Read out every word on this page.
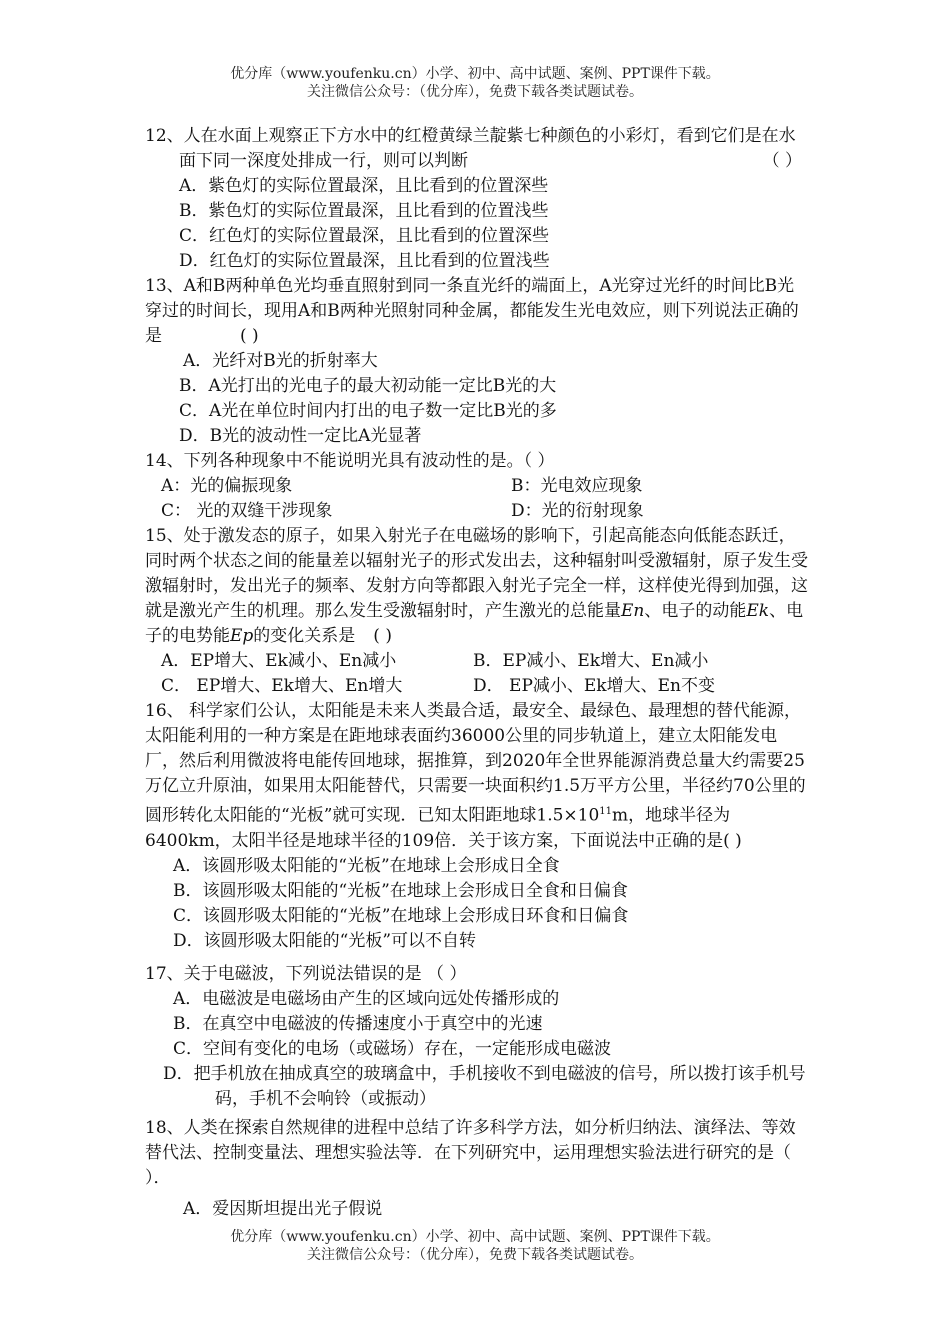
优分库（www.youfenku.cn）小学、初中、高中试题、案例、PPT课件下载。
关注微信公众号：（优分库），免费下载各类试题试卷。

12、人在水面上观察正下方水中的红橙黄绿兰靛紫七种颜色的小彩灯，看到它们是在水面下同一深度处排成一行，则可以判断	（ ）

A．紫色灯的实际位置最深，且比看到的位置深些

B．紫色灯的实际位置最深，且比看到的位置浅些

C．红色灯的实际位置最深，且比看到的位置深些

D．红色灯的实际位置最深，且比看到的位置浅些

13、A和B两种单色光均垂直照射到同一条直光纤的端面上，A光穿过光纤的时间比B光穿过的时间长，现用A和B两种光照射同种金属，都能发生光电效应，则下列说法正确的是	( )

A．光纤对B光的折射率大

B．A光打出的光电子的最大初动能一定比B光的大

C．A光在单位时间内打出的电子数一定比B光的多

D．B光的波动性一定比A光显著

14、下列各种现象中不能说明光具有波动性的是。（ ）

A：光的偏振现象	B：光电效应现象
C： 光的双缝干涉现象	D：光的衍射现象

15、处于激发态的原子，如果入射光子在电磁场的影响下，引起高能态向低能态跃迁，同时两个状态之间的能量差以辐射光子的形式发出去，这种辐射叫受激辐射，原子发生受激辐射时，发出光子的频率、发射方向等都跟入射光子完全一样，这样使光得到加强，这就是激光产生的机理。那么发生受激辐射时，产生激光的总能量En、电子的动能Ek、电子的电势能Ep的变化关系是 ( )

A．EP增大、Ek减小、En减小	B．EP减小、Ek增大、En减小
C． EP增大、Ek增大、En增大	D． EP减小、Ek增大、En不变

16、 科学家们公认，太阳能是未来人类最合适，最安全、最绿色、最理想的替代能源，太阳能利用的一种方案是在距地球表面约36000公里的同步轨道上，建立太阳能发电厂，然后利用微波将电能传回地球，据推算，到2020年全世界能源消费总量大约需要25万亿立升原油，如果用太阳能替代，只需要一块面积约1.5万平方公里，半径约70公里的圆形转化太阳能的“光板”就可实现．已知太阳距地球$1.5\times 10^{11}m$，地球半径为6400km，太阳半径是地球半径的109倍．关于该方案，下面说法中正确的是( )

A．该圆形吸太阳能的“光板”在地球上会形成日全食

B．该圆形吸太阳能的“光板”在地球上会形成日全食和日偏食

C．该圆形吸太阳能的“光板”在地球上会形成日环食和日偏食

D．该圆形吸太阳能的“光板”可以不自转

17、关于电磁波，下列说法错误的是 （ ）

A．电磁波是电磁场由产生的区域向远处传播形成的

B．在真空中电磁波的传播速度小于真空中的光速

C．空间有变化的电场（或磁场）存在，一定能形成电磁波

D．把手机放在抽成真空的玻璃盒中，手机接收不到电磁波的信号，所以拨打该手机号码，手机不会响铃（或振动）

18、人类在探索自然规律的进程中总结了许多科学方法，如分析归纳法、演绎法、等效替代法、控制变量法、理想实验法等．在下列研究中，运用理想实验法进行研究的是（ ）．

A．爱因斯坦提出光子假说

优分库（www.youfenku.cn）小学、初中、高中试题、案例、PPT课件下载。
关注微信公众号：（优分库），免费下载各类试题试卷。
